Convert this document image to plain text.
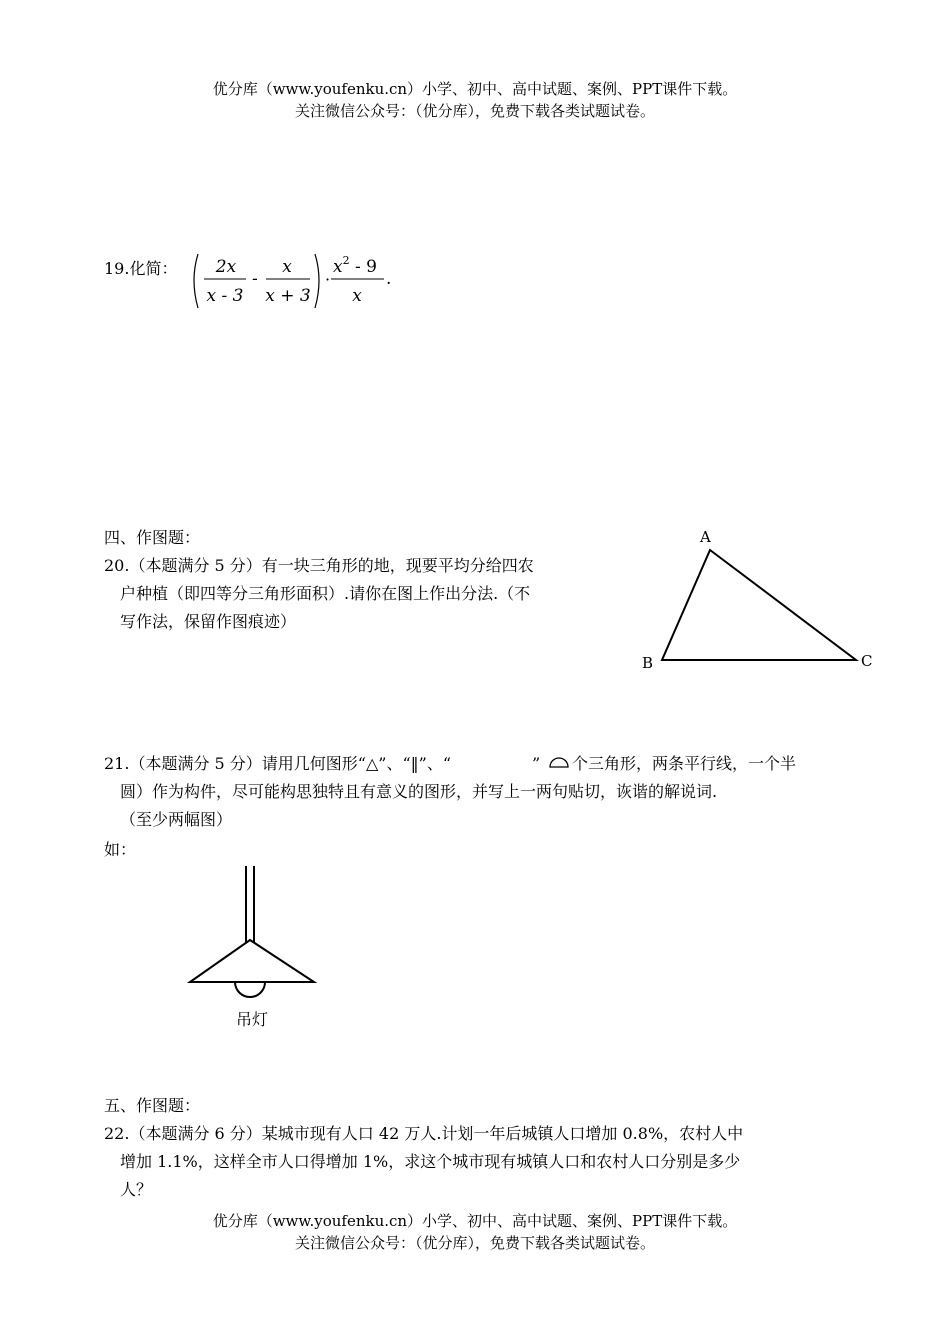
优分库（www.youfenku.cn）小学、初中、高中试题、案例、PPT课件下载。
关注微信公众号：（优分库），免费下载各类试题试卷。
19.化简： 2x
x - 3
-
x
x + 3
·
$x^2 - 9$
x
.
四、作图题：
20.（本题满分 5 分）有一块三角形的地，现要平均分给四农
户种植（即四等分三角形面积）.请你在图上作出分法.（不
写作法，保留作图痕迹）
A
B	C
21.（本题满分 5 分）请用几何图形“△”、“‖”、“	” 个三角形，两条平行线，一个半
圆）作为构件，尽可能构思独特且有意义的图形，并写上一两句贴切，诙谐的解说词.
（至少两幅图）
如：
吊灯
五、作图题：
22.（本题满分 6 分）某城市现有人口 42 万人.计划一年后城镇人口增加 0.8%，农村人中
增加 1.1%，这样全市人口得增加 1%，求这个城市现有城镇人口和农村人口分别是多少
人？
优分库（www.youfenku.cn）小学、初中、高中试题、案例、PPT课件下载。
关注微信公众号：（优分库），免费下载各类试题试卷。
